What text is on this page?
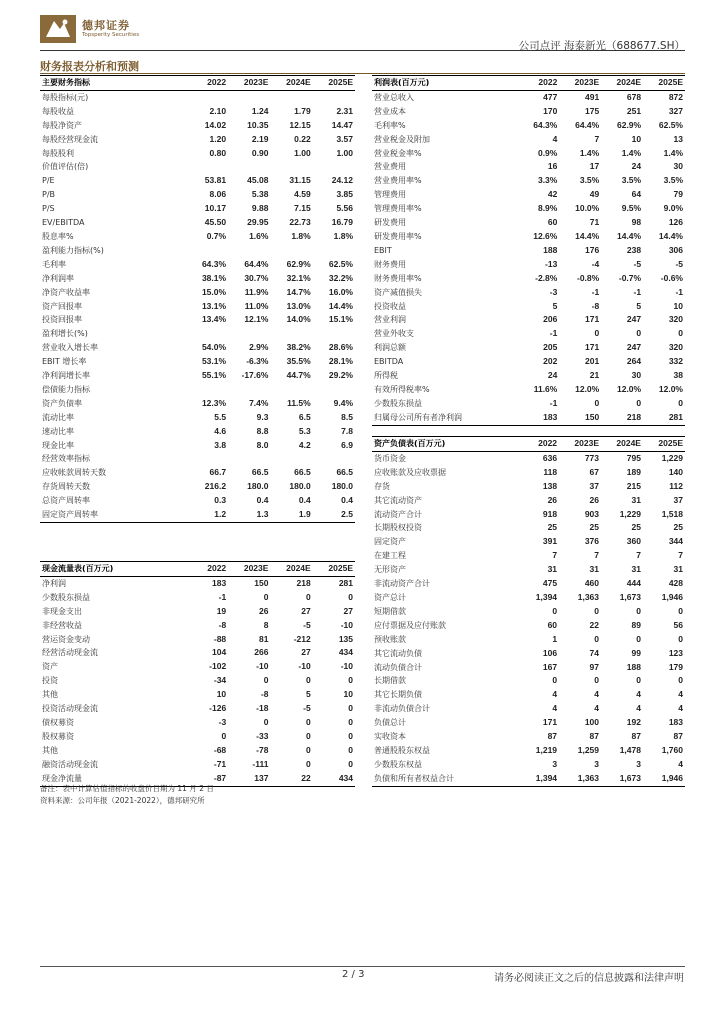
德邦证券
Topsperity Securities
公司点评 海泰新光（688677.SH）
财务报表分析和预测
主要财务指标	2022	2023E	2024E	2025E
每股指标(元)				
每股收益	2.10	1.24	1.79	2.31
每股净资产	14.02	10.35	12.15	14.47
每股经营现金流	1.20	2.19	0.22	3.57
每股股利	0.80	0.90	1.00	1.00
价值评估(倍)				
P/E	53.81	45.08	31.15	24.12
P/B	8.06	5.38	4.59	3.85
P/S	10.17	9.88	7.15	5.56
EV/EBITDA	45.50	29.95	22.73	16.79
股息率%	0.7%	1.6%	1.8%	1.8%
盈利能力指标(%)				
毛利率	64.3%	64.4%	62.9%	62.5%
净利润率	38.1%	30.7%	32.1%	32.2%
净资产收益率	15.0%	11.9%	14.7%	16.0%
资产回报率	13.1%	11.0%	13.0%	14.4%
投资回报率	13.4%	12.1%	14.0%	15.1%
盈利增长(%)				
营业收入增长率	54.0%	2.9%	38.2%	28.6%
EBIT 增长率	53.1%	-6.3%	35.5%	28.1%
净利润增长率	55.1%	-17.6%	44.7%	29.2%
偿债能力指标				
资产负债率	12.3%	7.4%	11.5%	9.4%
流动比率	5.5	9.3	6.5	8.5
速动比率	4.6	8.8	5.3	7.8
现金比率	3.8	8.0	4.2	6.9
经营效率指标				
应收帐款周转天数	66.7	66.5	66.5	66.5
存货周转天数	216.2	180.0	180.0	180.0
总资产周转率	0.3	0.4	0.4	0.4
固定资产周转率	1.2	1.3	1.9	2.5
现金流量表(百万元)	2022	2023E	2024E	2025E
净利润	183	150	218	281
少数股东损益	-1	0	0	0
非现金支出	19	26	27	27
非经营收益	-8	8	-5	-10
营运资金变动	-88	81	-212	135
经营活动现金流	104	266	27	434
资产	-102	-10	-10	-10
投资	-34	0	0	0
其他	10	-8	5	10
投资活动现金流	-126	-18	-5	0
债权募资	-3	0	0	0
股权募资	0	-33	0	0
其他	-68	-78	0	0
融资活动现金流	-71	-111	0	0
现金净流量	-87	137	22	434
利润表(百万元)	2022	2023E	2024E	2025E
营业总收入	477	491	678	872
营业成本	170	175	251	327
毛利率%	64.3%	64.4%	62.9%	62.5%
营业税金及附加	4	7	10	13
营业税金率%	0.9%	1.4%	1.4%	1.4%
营业费用	16	17	24	30
营业费用率%	3.3%	3.5%	3.5%	3.5%
管理费用	42	49	64	79
管理费用率%	8.9%	10.0%	9.5%	9.0%
研发费用	60	71	98	126
研发费用率%	12.6%	14.4%	14.4%	14.4%
EBIT	188	176	238	306
财务费用	-13	-4	-5	-5
财务费用率%	-2.8%	-0.8%	-0.7%	-0.6%
资产减值损失	-3	-1	-1	-1
投资收益	5	-8	5	10
营业利润	206	171	247	320
营业外收支	-1	0	0	0
利润总额	205	171	247	320
EBITDA	202	201	264	332
所得税	24	21	30	38
有效所得税率%	11.6%	12.0%	12.0%	12.0%
少数股东损益	-1	0	0	0
归属母公司所有者净利润	183	150	218	281
资产负债表(百万元)	2022	2023E	2024E	2025E
货币资金	636	773	795	1,229
应收账款及应收票据	118	67	189	140
存货	138	37	215	112
其它流动资产	26	26	31	37
流动资产合计	918	903	1,229	1,518
长期股权投资	25	25	25	25
固定资产	391	376	360	344
在建工程	7	7	7	7
无形资产	31	31	31	31
非流动资产合计	475	460	444	428
资产总计	1,394	1,363	1,673	1,946
短期借款	0	0	0	0
应付票据及应付账款	60	22	89	56
预收账款	1	0	0	0
其它流动负债	106	74	99	123
流动负债合计	167	97	188	179
长期借款	0	0	0	0
其它长期负债	4	4	4	4
非流动负债合计	4	4	4	4
负债总计	171	100	192	183
实收资本	87	87	87	87
普通股股东权益	1,219	1,259	1,478	1,760
少数股东权益	3	3	3	4
负债和所有者权益合计	1,394	1,363	1,673	1,946
备注：表中计算估值指标的收盘价日期为 11 月 2 日
资料来源：公司年报（2021-2022），德邦研究所
2 / 3	请务必阅读正文之后的信息披露和法律声明
